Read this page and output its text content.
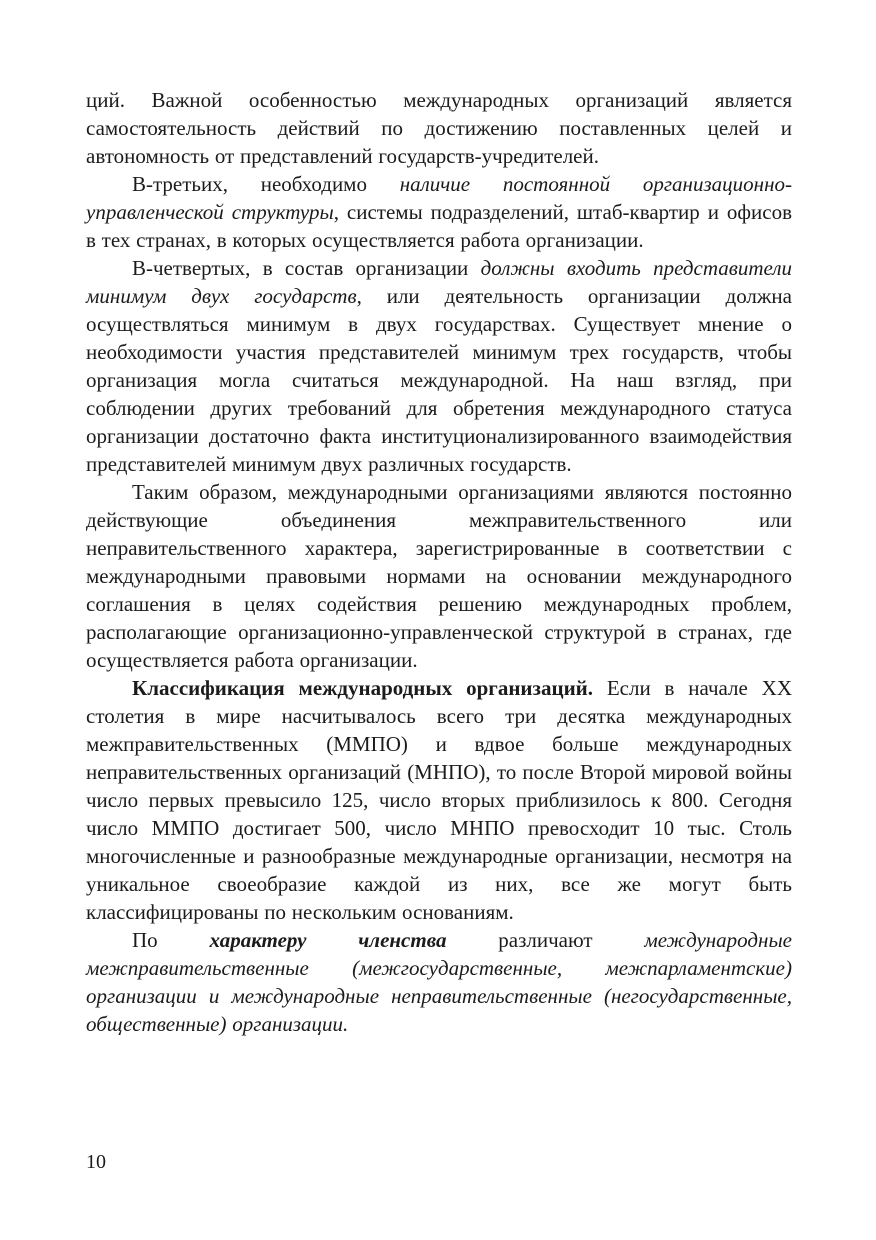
ций. Важной особенностью международных организаций является самостоятельность действий по достижению поставленных целей и автономность от представлений государств-учредителей.

В-третьих, необходимо наличие постоянной организационно-управленческой структуры, системы подразделений, штаб-квартир и офисов в тех странах, в которых осуществляется работа организации.

В-четвертых, в состав организации должны входить представители минимум двух государств, или деятельность организации должна осуществляться минимум в двух государствах. Существует мнение о необходимости участия представителей минимум трех государств, чтобы организация могла считаться международной. На наш взгляд, при соблюдении других требований для обретения международного статуса организации достаточно факта институционализированного взаимодействия представителей минимум двух различных государств.

Таким образом, международными организациями являются постоянно действующие объединения межправительственного или неправительственного характера, зарегистрированные в соответствии с международными правовыми нормами на основании международного соглашения в целях содействия решению международных проблем, располагающие организационно-управленческой структурой в странах, где осуществляется работа организации.

Классификация международных организаций. Если в начале XX столетия в мире насчитывалось всего три десятка международных межправительственных (ММПО) и вдвое больше международных неправительственных организаций (МНПО), то после Второй мировой войны число первых превысило 125, число вторых приблизилось к 800. Сегодня число ММПО достигает 500, число МНПО превосходит 10 тыс. Столь многочисленные и разнообразные международные организации, несмотря на уникальное своеобразие каждой из них, все же могут быть классифицированы по нескольким основаниям.

По характеру членства различают международные межправительственные (межгосударственные, межпарламентские) организации и международные неправительственные (негосударственные, общественные) организации.

10
